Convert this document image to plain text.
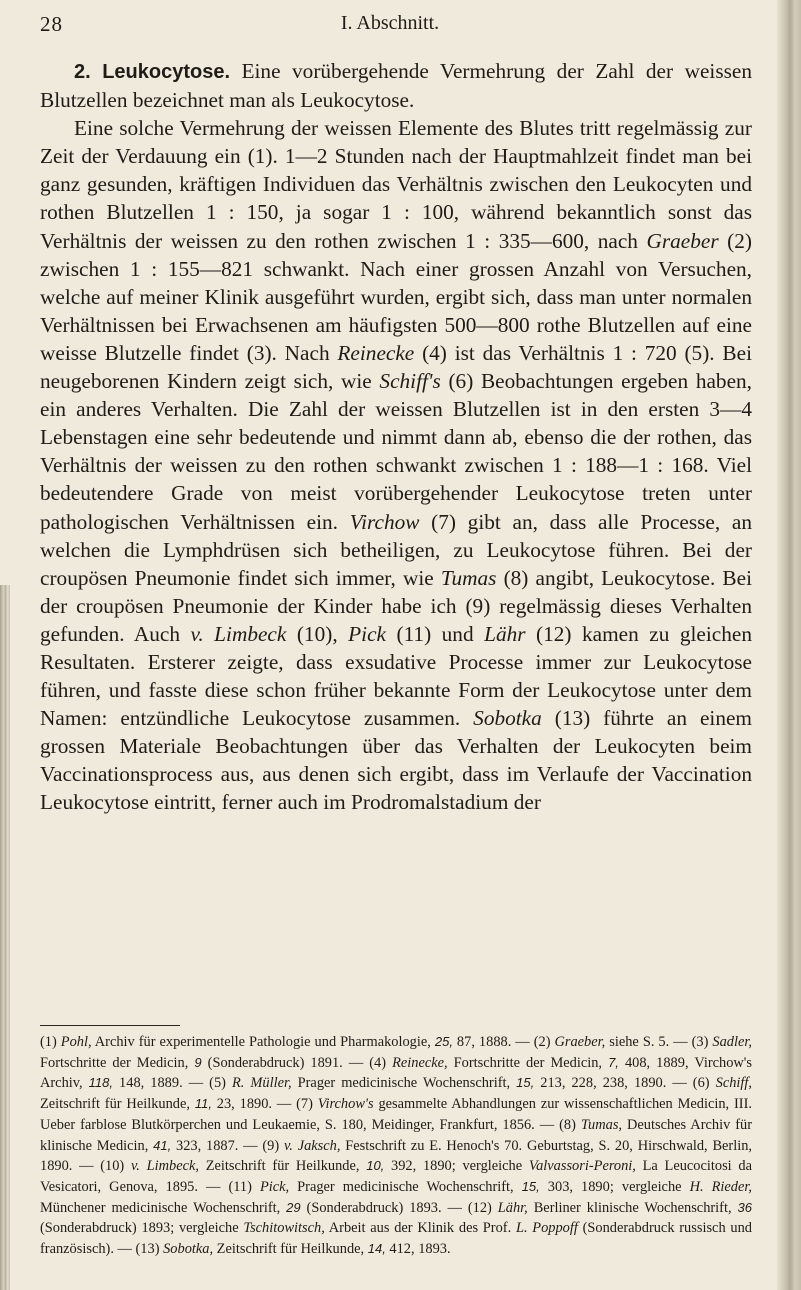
28	I. Abschnitt.

2. Leukocytose. Eine vorübergehende Vermehrung der Zahl der weissen Blutzellen bezeichnet man als Leukocytose.

Eine solche Vermehrung der weissen Elemente des Blutes tritt regelmässig zur Zeit der Verdauung ein (1). 1—2 Stunden nach der Hauptmahlzeit findet man bei ganz gesunden, kräftigen Individuen das Verhältnis zwischen den Leukocyten und rothen Blutzellen 1 : 150, ja sogar 1 : 100, während bekanntlich sonst das Verhältnis der weissen zu den rothen zwischen 1 : 335—600, nach Graeber (2) zwischen 1 : 155—821 schwankt. Nach einer grossen Anzahl von Versuchen, welche auf meiner Klinik ausgeführt wurden, ergibt sich, dass man unter normalen Verhältnissen bei Erwachsenen am häufigsten 500—800 rothe Blutzellen auf eine weisse Blutzelle findet (3). Nach Reinecke (4) ist das Verhältnis 1 : 720 (5). Bei neugeborenen Kindern zeigt sich, wie Schiff's (6) Beobachtungen ergeben haben, ein anderes Verhalten. Die Zahl der weissen Blutzellen ist in den ersten 3—4 Lebenstagen eine sehr bedeutende und nimmt dann ab, ebenso die der rothen, das Verhältnis der weissen zu den rothen schwankt zwischen 1 : 188—1 : 168. Viel bedeutendere Grade von meist vorübergehender Leukocytose treten unter pathologischen Verhältnissen ein. Virchow (7) gibt an, dass alle Processe, an welchen die Lymphdrüsen sich betheiligen, zu Leukocytose führen. Bei der croupösen Pneumonie findet sich immer, wie Tumas (8) angibt, Leukocytose. Bei der croupösen Pneumonie der Kinder habe ich (9) regelmässig dieses Verhalten gefunden. Auch v. Limbeck (10), Pick (11) und Lähr (12) kamen zu gleichen Resultaten. Ersterer zeigte, dass exsudative Processe immer zur Leukocytose führen, und fasste diese schon früher bekannte Form der Leukocytose unter dem Namen: entzündliche Leukocytose zusammen. Sobotka (13) führte an einem grossen Materiale Beobachtungen über das Verhalten der Leukocyten beim Vaccinationsprocess aus, aus denen sich ergibt, dass im Verlaufe der Vaccination Leukocytose eintritt, ferner auch im Prodromalstadium der

(1) Pohl, Archiv für experimentelle Pathologie und Pharmakologie, 25, 87, 1888. — (2) Graeber, siehe S. 5. — (3) Sadler, Fortschritte der Medicin, 9 (Sonderabdruck) 1891. — (4) Reinecke, Fortschritte der Medicin, 7, 408, 1889, Virchow's Archiv, 118, 148, 1889. — (5) R. Müller, Prager medicinische Wochenschrift, 15, 213, 228, 238, 1890. — (6) Schiff, Zeitschrift für Heilkunde, 11, 23, 1890. — (7) Virchow's gesammelte Abhandlungen zur wissenschaftlichen Medicin, III. Ueber farblose Blutkörperchen und Leukaemie, S. 180, Meidinger, Frankfurt, 1856. — (8) Tumas, Deutsches Archiv für klinische Medicin, 41, 323, 1887. — (9) v. Jaksch, Festschrift zu E. Henoch's 70. Geburtstag, S. 20, Hirschwald, Berlin, 1890. — (10) v. Limbeck, Zeitschrift für Heilkunde, 10, 392, 1890; vergleiche Valvassori-Peroni, La Leucocitosi da Vesicatori, Genova, 1895. — (11) Pick, Prager medicinische Wochenschrift, 15, 303, 1890; vergleiche H. Rieder, Münchener medicinische Wochenschrift, 29 (Sonderabdruck) 1893. — (12) Lähr, Berliner klinische Wochenschrift, 36 (Sonderabdruck) 1893; vergleiche Tschitowitsch, Arbeit aus der Klinik des Prof. L. Poppoff (Sonderabdruck russisch und französisch). — (13) Sobotka, Zeitschrift für Heilkunde, 14, 412, 1893.
